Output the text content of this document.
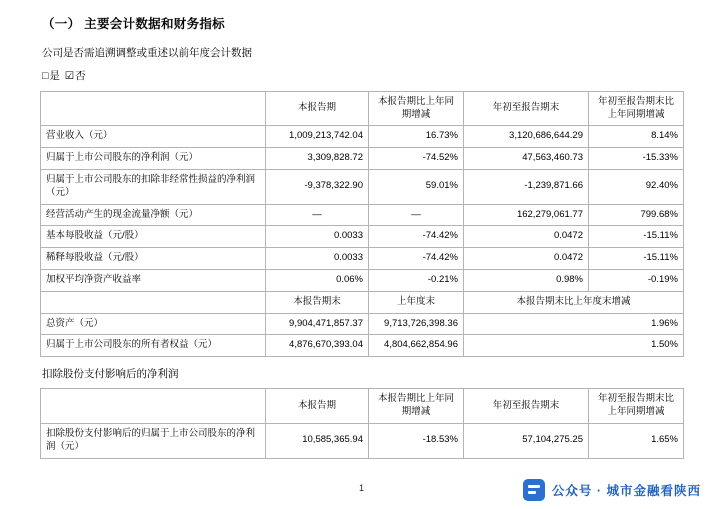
（一） 主要会计数据和财务指标
公司是否需追溯调整或重述以前年度会计数据
□是 ☑否
	本报告期	本报告期比上年同期增减	年初至报告期末	年初至报告期末比上年同期增减
营业收入（元）	1,009,213,742.04	16.73%	3,120,686,644.29	8.14%
归属于上市公司股东的净利润（元）	3,309,828.72	-74.52%	47,563,460.73	-15.33%
归属于上市公司股东的扣除非经常性损益的净利润（元）	-9,378,322.90	59.01%	-1,239,871.66	92.40%
经营活动产生的现金流量净额（元）	—	—	162,279,061.77	799.68%
基本每股收益（元/股）	0.0033	-74.42%	0.0472	-15.11%
稀释每股收益（元/股）	0.0033	-74.42%	0.0472	-15.11%
加权平均净资产收益率	0.06%	-0.21%	0.98%	-0.19%
	本报告期末	上年度末	本报告期末比上年度末增减	
总资产（元）	9,904,471,857.37	9,713,726,398.36	1.96%	
归属于上市公司股东的所有者权益（元）	4,876,670,393.04	4,804,662,854.96	1.50%	
扣除股份支付影响后的净利润
	本报告期	本报告期比上年同期增减	年初至报告期末	年初至报告期末比上年同期增减
扣除股份支付影响后的归属于上市公司股东的净利润（元）	10,585,365.94	-18.53%	57,104,275.25	1.65%
1	公众号 · 城市金融看陕西
